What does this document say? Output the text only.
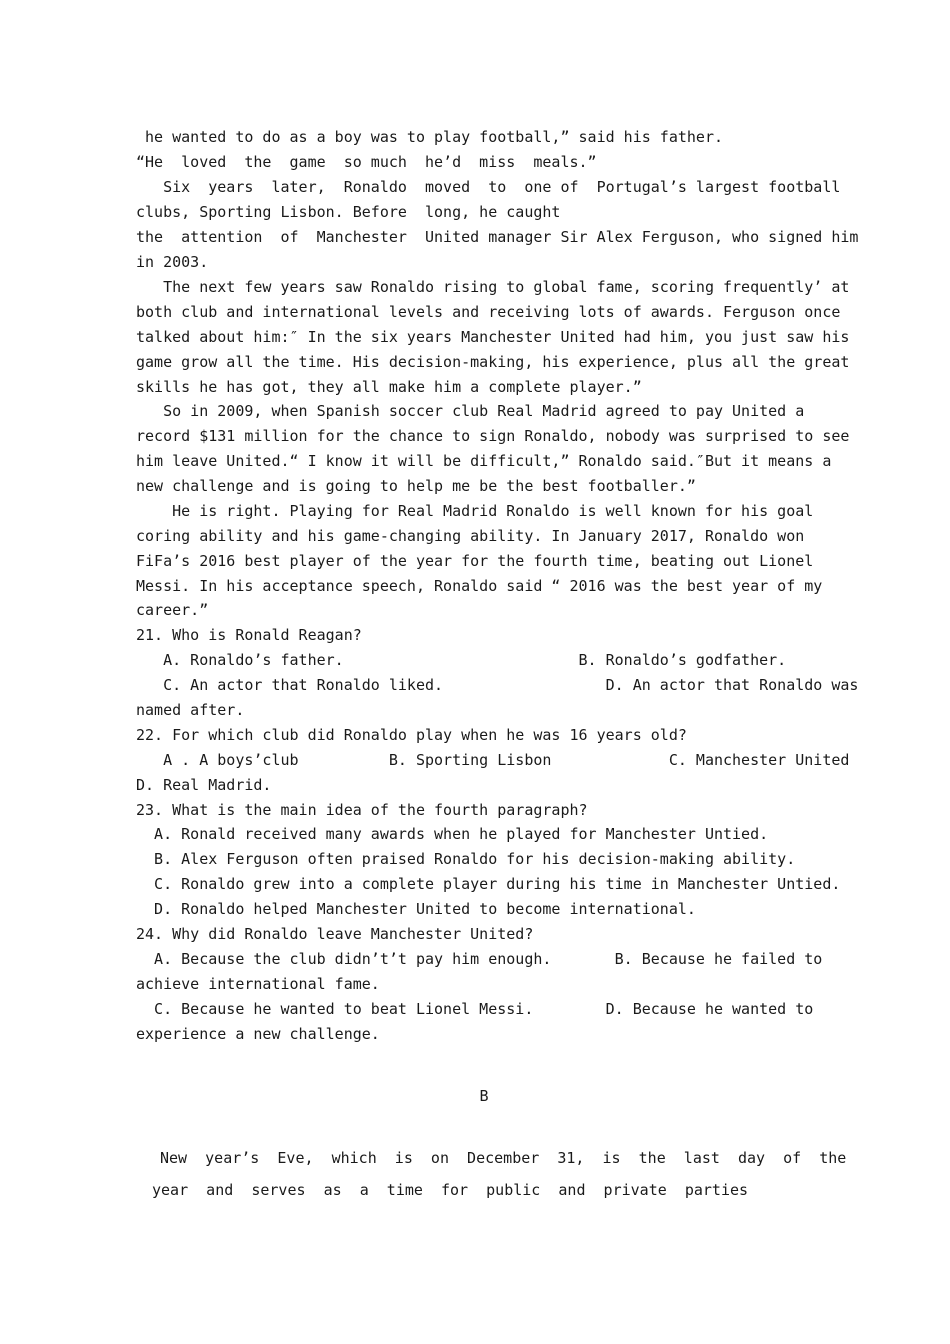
he wanted to do as a boy was to play football,” said his father.
“He  loved  the  game  so much  he’d  miss  meals.”
Six  years  later,  Ronaldo  moved  to  one of  Portugal’s largest football
clubs, Sporting Lisbon. Before  long, he caught
the  attention  of  Manchester  United manager Sir Alex Ferguson, who signed him
in 2003.
The next few years saw Ronaldo rising to global fame, scoring frequently’ at
both club and international levels and receiving lots of awards. Ferguson once
talked about him:″ In the six years Manchester United had him, you just saw his
game grow all the time. His decision-making, his experience, plus all the great
skills he has got, they all make him a complete player.”
So in 2009, when Spanish soccer club Real Madrid agreed to pay United a
record $131 million for the chance to sign Ronaldo, nobody was surprised to see
him leave United.“ I know it will be difficult,” Ronaldo said.″But it means a
new challenge and is going to help me be the best footballer.”
He is right. Playing for Real Madrid Ronaldo is well known for his goal
coring ability and his game-changing ability. In January 2017, Ronaldo won
FiFa’s 2016 best player of the year for the fourth time, beating out Lionel
Messi. In his acceptance speech, Ronaldo said “ 2016 was the best year of my
career.”
21. Who is Ronald Reagan?
A. Ronaldo’s father.                          B. Ronaldo’s godfather.
C. An actor that Ronaldo liked.                  D. An actor that Ronaldo was
named after.
22. For which club did Ronaldo play when he was 16 years old?
A . A boys’club          B. Sporting Lisbon             C. Manchester United
D. Real Madrid.
23. What is the main idea of the fourth paragraph?
A. Ronald received many awards when he played for Manchester Untied.
B. Alex Ferguson often praised Ronaldo for his decision-making ability.
C. Ronaldo grew into a complete player during his time in Manchester Untied.
D. Ronaldo helped Manchester United to become international.
24. Why did Ronaldo leave Manchester United?
A. Because the club didn’t’t pay him enough.       B. Because he failed to
achieve international fame.
C. Because he wanted to beat Lionel Messi.        D. Because he wanted to
experience a new challenge.
B
New  year’s  Eve,  which  is  on  December  31,  is  the  last  day  of  the
year  and  serves  as  a  time  for  public  and  private  parties
